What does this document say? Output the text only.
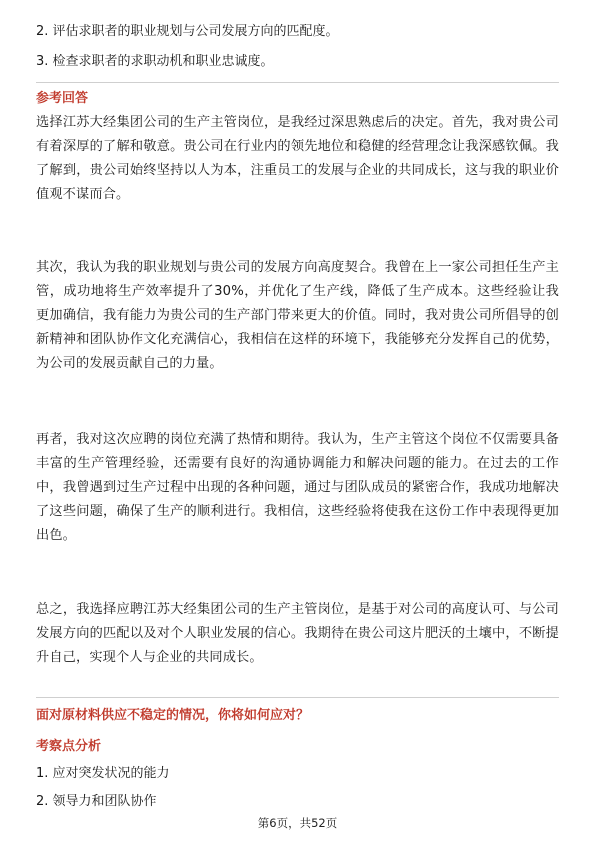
2. 评估求职者的职业规划与公司发展方向的匹配度。

3. 检查求职者的求职动机和职业忠诚度。

参考回答

选择江苏大经集团公司的生产主管岗位，是我经过深思熟虑后的决定。首先，我对贵公司有着深厚的了解和敬意。贵公司在行业内的领先地位和稳健的经营理念让我深感钦佩。我了解到，贵公司始终坚持以人为本，注重员工的发展与企业的共同成长，这与我的职业价值观不谋而合。

其次，我认为我的职业规划与贵公司的发展方向高度契合。我曾在上一家公司担任生产主管，成功地将生产效率提升了30%，并优化了生产线，降低了生产成本。这些经验让我更加确信，我有能力为贵公司的生产部门带来更大的价值。同时，我对贵公司所倡导的创新精神和团队协作文化充满信心，我相信在这样的环境下，我能够充分发挥自己的优势，为公司的发展贡献自己的力量。

再者，我对这次应聘的岗位充满了热情和期待。我认为，生产主管这个岗位不仅需要具备丰富的生产管理经验，还需要有良好的沟通协调能力和解决问题的能力。在过去的工作中，我曾遇到过生产过程中出现的各种问题，通过与团队成员的紧密合作，我成功地解决了这些问题，确保了生产的顺利进行。我相信，这些经验将使我在这份工作中表现得更加出色。

总之，我选择应聘江苏大经集团公司的生产主管岗位，是基于对公司的高度认可、与公司发展方向的匹配以及对个人职业发展的信心。我期待在贵公司这片肥沃的土壤中，不断提升自己，实现个人与企业的共同成长。

面对原材料供应不稳定的情况，你将如何应对？

考察点分析

1. 应对突发状况的能力

2. 领导力和团队协作

第6页，共52页
